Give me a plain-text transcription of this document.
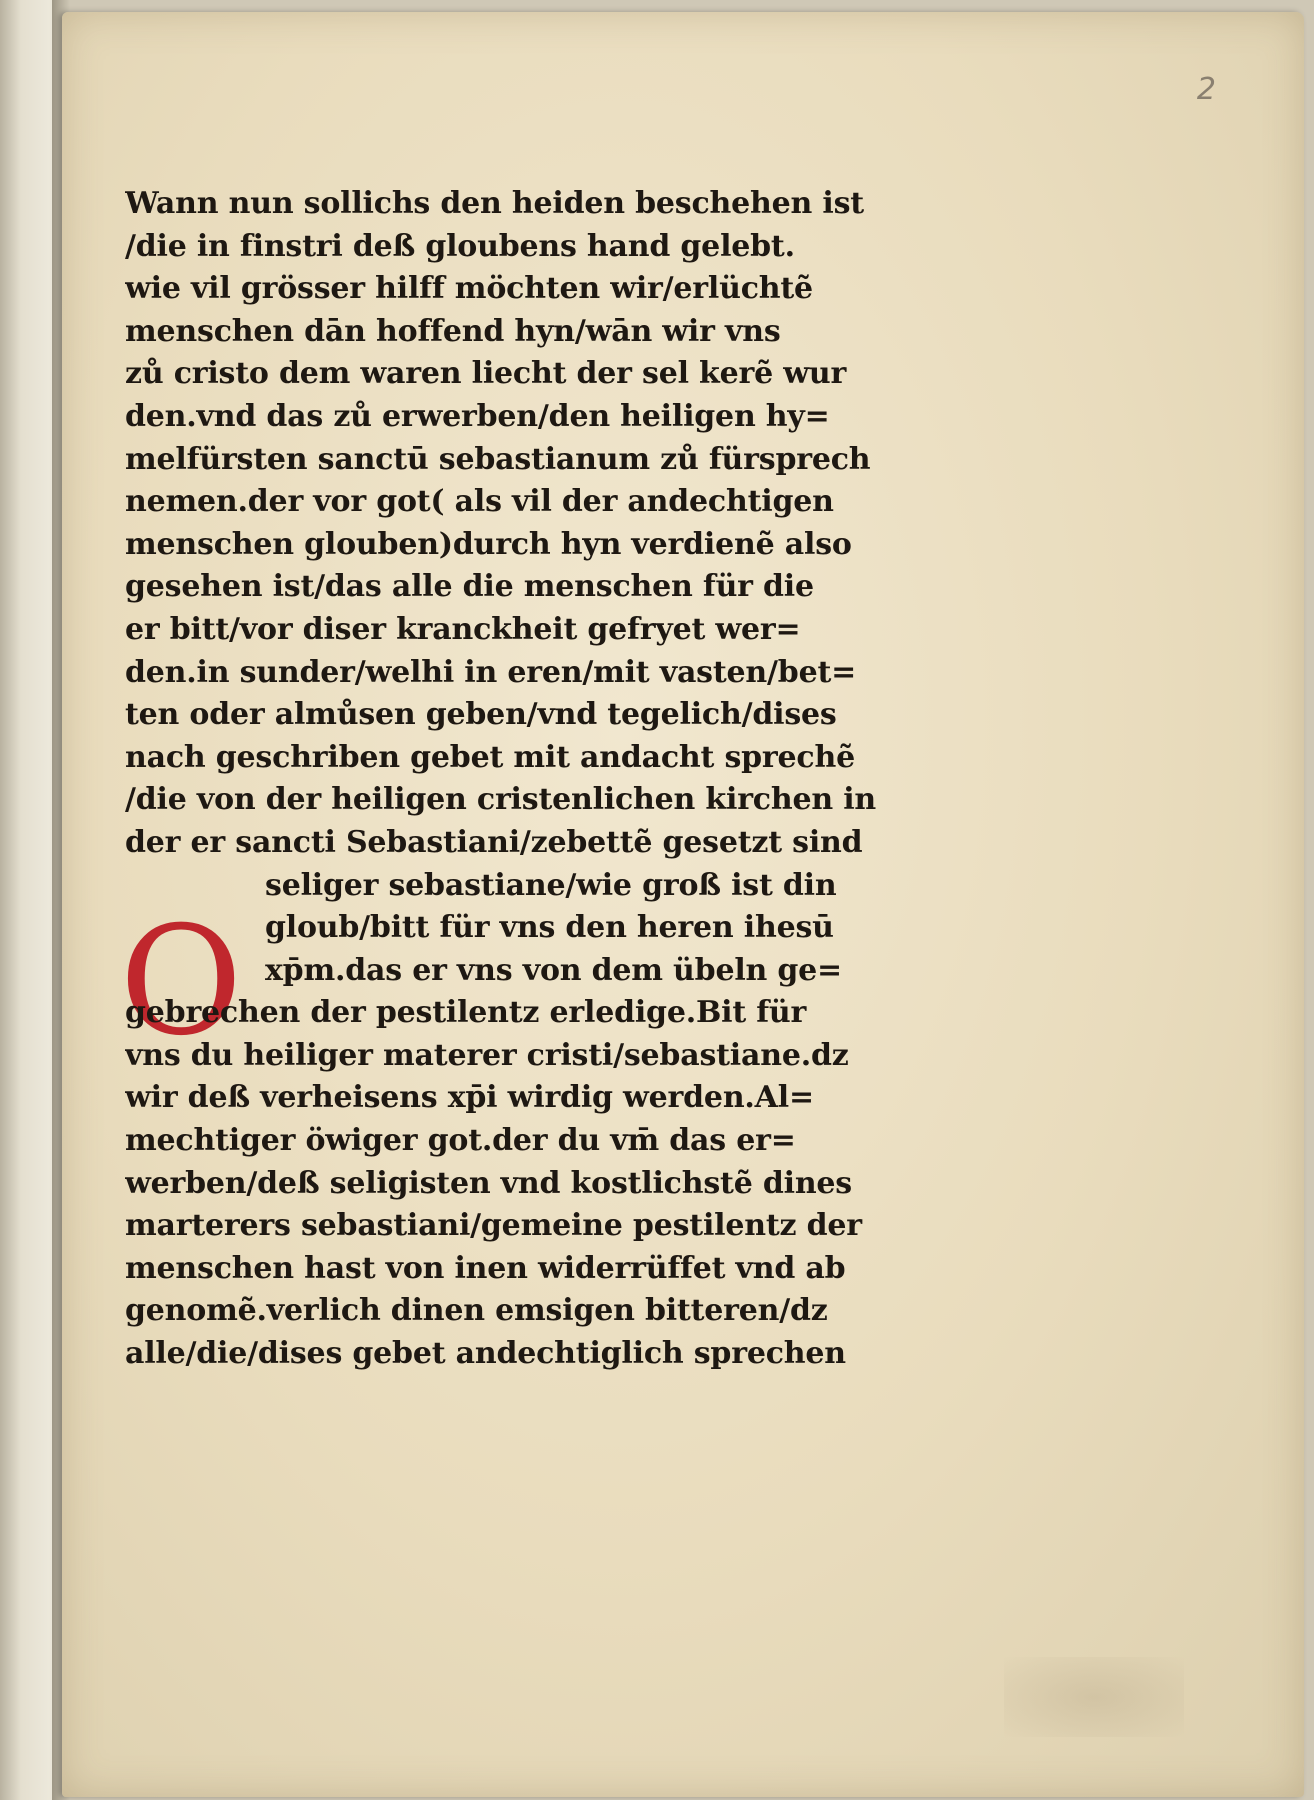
2
O
Wann nun sollichs den heiden beschehen ist
/die in finstri deß gloubens hand gelebt.
wie vil grösser hilff möchten wir/erlüchtẽ
menschen dān hoffend hyn/wān wir vns
zů cristo dem waren liecht der sel kerẽ wur
den.vnd das zů erwerben/den heiligen hy=
melfürsten sanctū sebastianum zů fürsprech
nemen.der vor got( als vil der andechtigen
menschen glouben)durch hyn verdienẽ also
gesehen ist/das alle die menschen für die
er bitt/vor diser kranckheit gefryet wer=
den.in sunder/welhi in eren/mit vasten/bet=
ten oder almůsen geben/vnd tegelich/dises
nach geschriben gebet mit andacht sprechẽ
/die von der heiligen cristenlichen kirchen in
der er sancti Sebastiani/zebettẽ gesetzt sind
seliger sebastiane/wie groß ist din
gloub/bitt für vns den heren ihesū
xp̄m.das er vns von dem übeln ge=
gebrechen der pestilentz erledige.Bit für
vns du heiliger materer cristi/sebastiane.dz
wir deß verheisens xp̄i wirdig werden.Al=
mechtiger öwiger got.der du vm̄ das er=
werben/deß seligisten vnd kostlichstẽ dines
marterers sebastiani/gemeine pestilentz der
menschen hast von inen widerrüffet vnd ab
genomẽ.verlich dinen emsigen bitteren/dz
alle/die/dises gebet andechtiglich sprechen
